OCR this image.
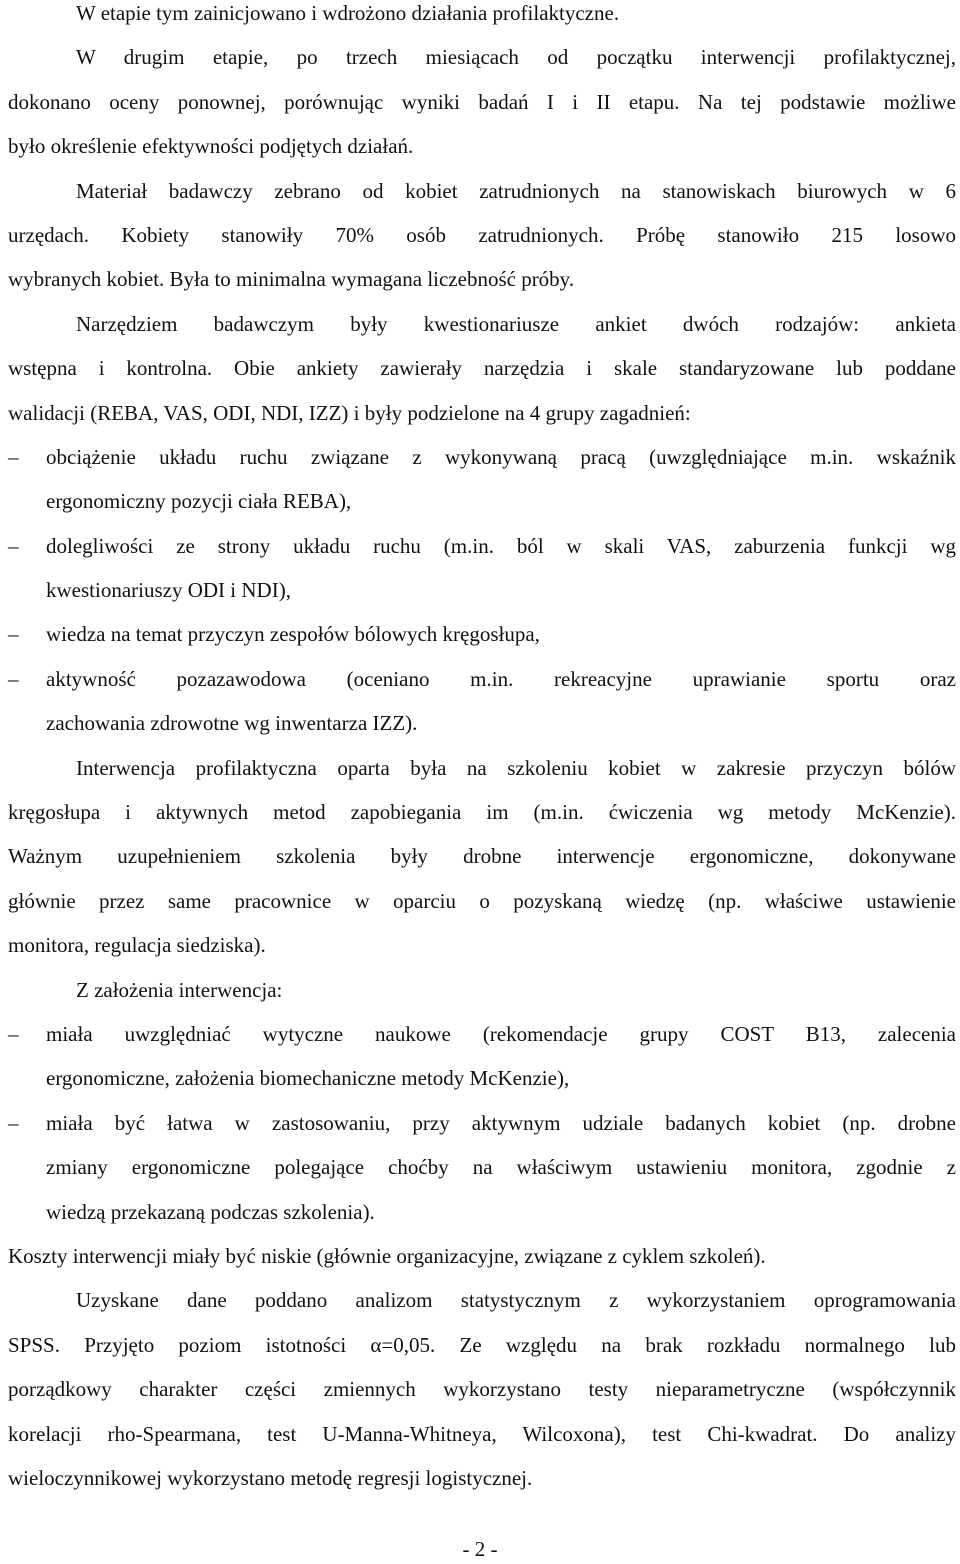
W etapie tym zainicjowano i wdrożono działania profilaktyczne.
W drugim etapie, po trzech miesiącach od początku interwencji profilaktycznej,
dokonano oceny ponownej, porównując wyniki badań I i II etapu. Na tej podstawie możliwe
było określenie efektywności podjętych działań.
Materiał badawczy zebrano od kobiet zatrudnionych na stanowiskach biurowych w 6
urzędach. Kobiety stanowiły 70% osób zatrudnionych. Próbę stanowiło 215 losowo
wybranych kobiet. Była to minimalna wymagana liczebność próby.
Narzędziem badawczym były kwestionariusze ankiet dwóch rodzajów: ankieta
wstępna i kontrolna. Obie ankiety zawierały narzędzia i skale standaryzowane lub poddane
walidacji (REBA, VAS, ODI, NDI, IZZ) i były podzielone na 4 grupy zagadnień:
– obciążenie układu ruchu związane z wykonywaną pracą (uwzględniające m.in. wskaźnik
ergonomiczny pozycji ciała REBA),
– dolegliwości ze strony układu ruchu (m.in. ból w skali VAS, zaburzenia funkcji wg
kwestionariuszy ODI i NDI),
– wiedza na temat przyczyn zespołów bólowych kręgosłupa,
– aktywność pozazawodowa (oceniano m.in. rekreacyjne uprawianie sportu oraz
zachowania zdrowotne wg inwentarza IZZ).
Interwencja profilaktyczna oparta była na szkoleniu kobiet w zakresie przyczyn bólów
kręgosłupa i aktywnych metod zapobiegania im (m.in. ćwiczenia wg metody McKenzie).
Ważnym uzupełnieniem szkolenia były drobne interwencje ergonomiczne, dokonywane
głównie przez same pracownice w oparciu o pozyskaną wiedzę (np. właściwe ustawienie
monitora, regulacja siedziska).
Z założenia interwencja:
– miała uwzględniać wytyczne naukowe (rekomendacje grupy COST B13, zalecenia
ergonomiczne, założenia biomechaniczne metody McKenzie),
– miała być łatwa w zastosowaniu, przy aktywnym udziale badanych kobiet (np. drobne
zmiany ergonomiczne polegające choćby na właściwym ustawieniu monitora, zgodnie z
wiedzą przekazaną podczas szkolenia).
Koszty interwencji miały być niskie (głównie organizacyjne, związane z cyklem szkoleń).
Uzyskane dane poddano analizom statystycznym z wykorzystaniem oprogramowania
SPSS. Przyjęto poziom istotności α=0,05. Ze względu na brak rozkładu normalnego lub
porządkowy charakter części zmiennych wykorzystano testy nieparametryczne (współczynnik
korelacji rho-Spearmana, test U-Manna-Whitneya, Wilcoxona), test Chi-kwadrat. Do analizy
wieloczynnikowej wykorzystano metodę regresji logistycznej.
- 2 -
